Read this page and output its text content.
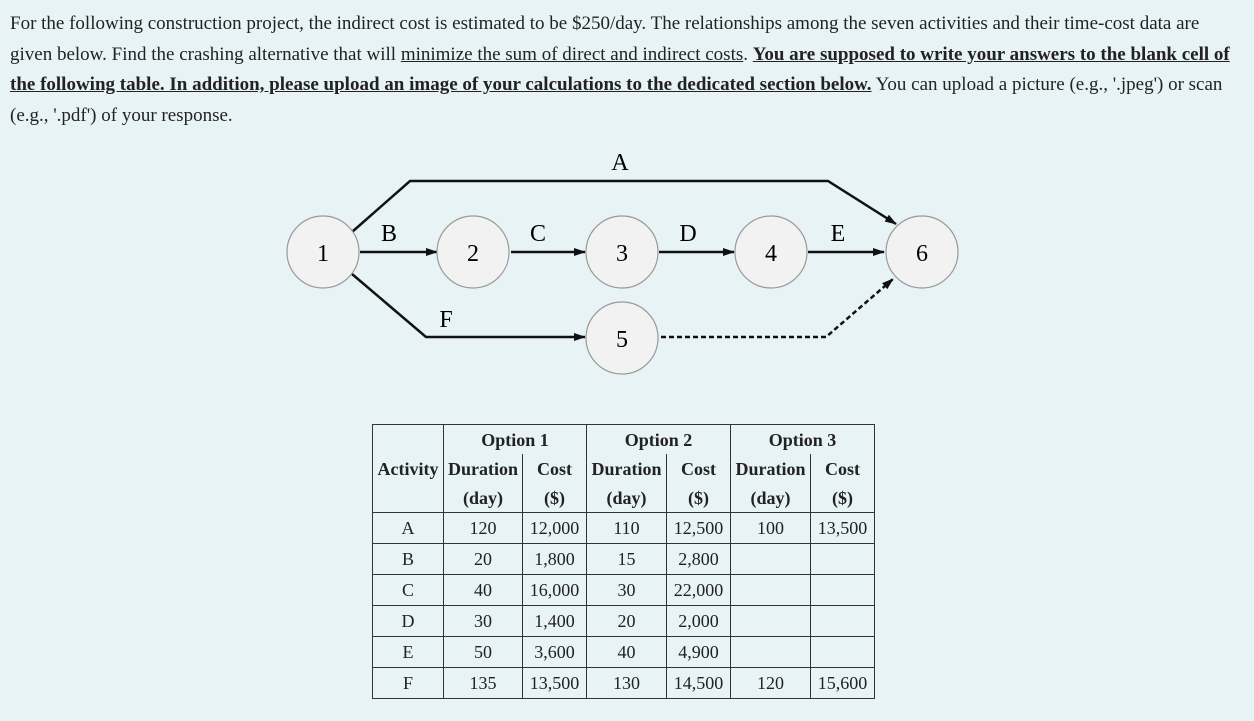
For the following construction project, the indirect cost is estimated to be $250/day. The relationships among the seven activities and their time-cost data are given below. Find the crashing alternative that will minimize the sum of direct and indirect costs. You are supposed to write your answers to the blank cell of the following table. In addition, please upload an image of your calculations to the dedicated section below. You can upload a picture (e.g., '.jpeg') or scan (e.g., '.pdf') of your response.

1	2	3	4
5
6
A
B	C	D	E
F
	Option 1		Option 2		Option 3	
Activity	Duration	Cost	Duration	Cost	Duration	Cost
	(day)	($)	(day)	($)	(day)	($)
A	120	12,000	110	12,500	100	13,500
B	20	1,800	15	2,800		
C	40	16,000	30	22,000		
D	30	1,400	20	2,000		
E	50	3,600	40	4,900		
F	135	13,500	130	14,500	120	15,600
